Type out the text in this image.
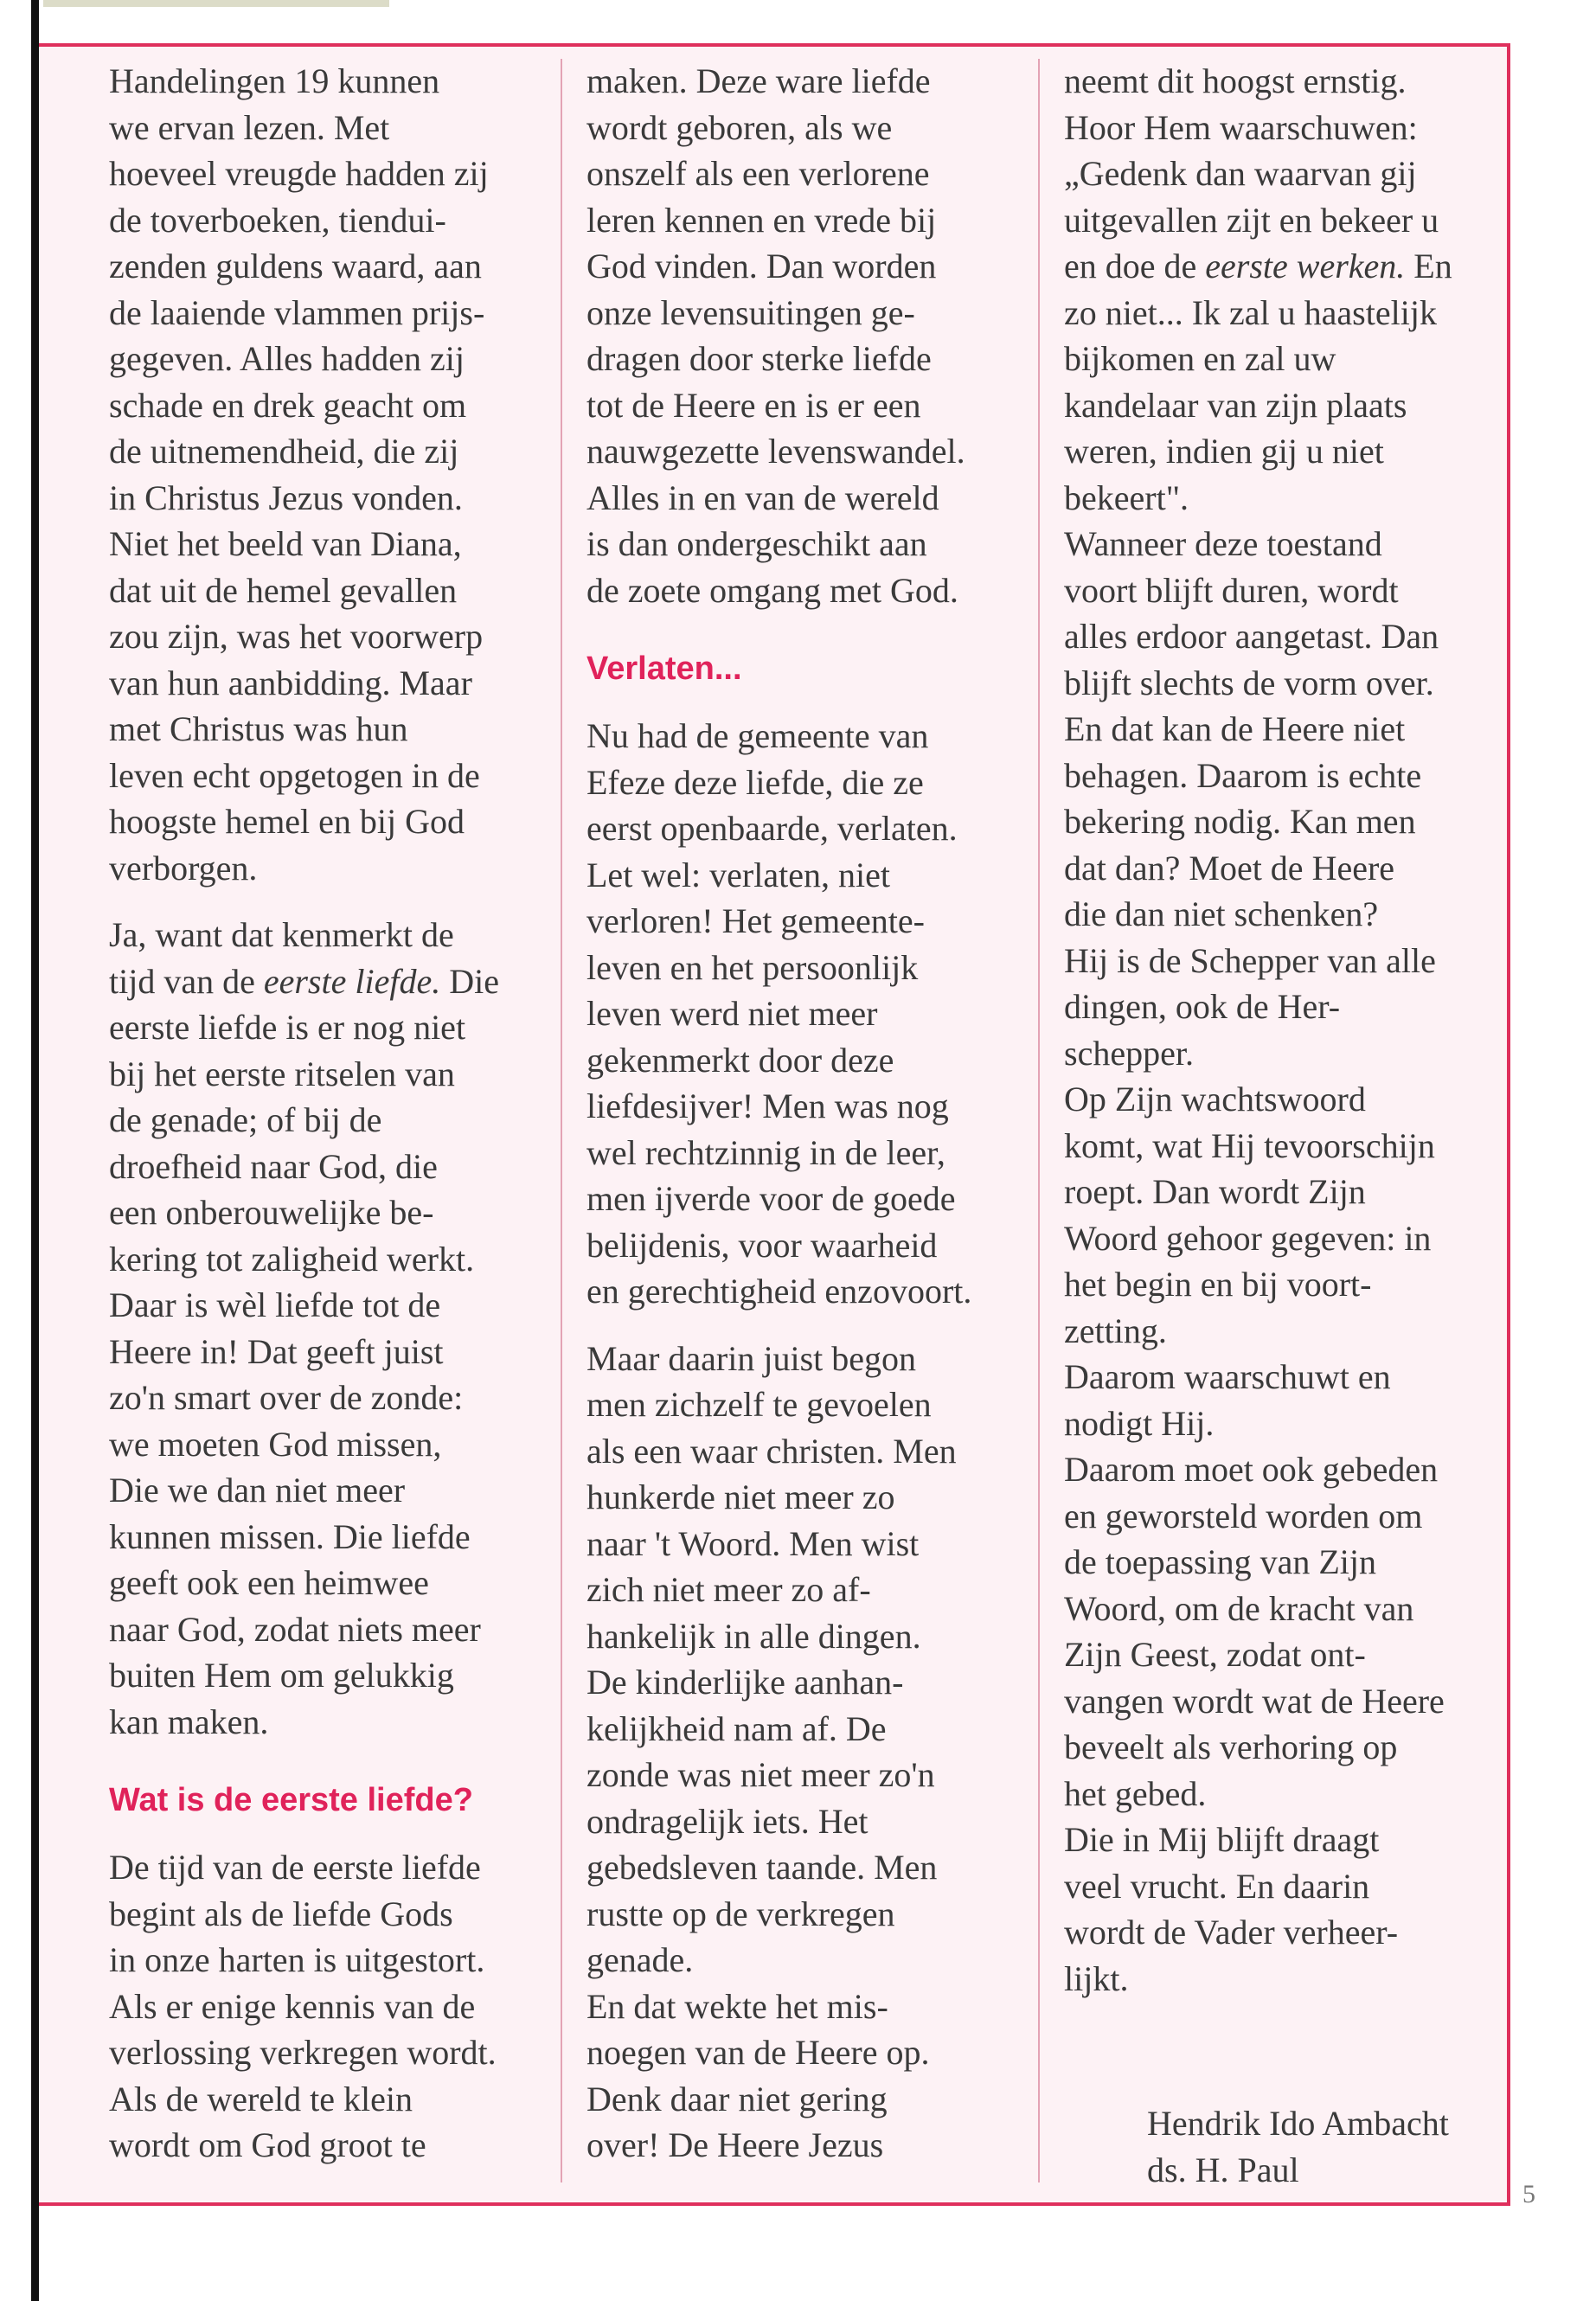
Handelingen 19 kunnen
we ervan lezen. Met
hoeveel vreugde hadden zij
de toverboeken, tiendui-
zenden guldens waard, aan
de laaiende vlammen prijs-
gegeven. Alles hadden zij
schade en drek geacht om
de uitnemendheid, die zij
in Christus Jezus vonden.
Niet het beeld van Diana,
dat uit de hemel gevallen
zou zijn, was het voorwerp
van hun aanbidding. Maar
met Christus was hun
leven echt opgetogen in de
hoogste hemel en bij God
verborgen.
Ja, want dat kenmerkt de
tijd van de eerste liefde. Die
eerste liefde is er nog niet
bij het eerste ritselen van
de genade; of bij de
droefheid naar God, die
een onberouwelijke be-
kering tot zaligheid werkt.
Daar is wèl liefde tot de
Heere in! Dat geeft juist
zo'n smart over de zonde:
we moeten God missen,
Die we dan niet meer
kunnen missen. Die liefde
geeft ook een heimwee
naar God, zodat niets meer
buiten Hem om gelukkig
kan maken.
Wat is de eerste liefde?
De tijd van de eerste liefde
begint als de liefde Gods
in onze harten is uitgestort.
Als er enige kennis van de
verlossing verkregen wordt.
Als de wereld te klein
wordt om God groot te
maken. Deze ware liefde
wordt geboren, als we
onszelf als een verlorene
leren kennen en vrede bij
God vinden. Dan worden
onze levensuitingen ge-
dragen door sterke liefde
tot de Heere en is er een
nauwgezette levenswandel.
Alles in en van de wereld
is dan ondergeschikt aan
de zoete omgang met God.
Verlaten...
Nu had de gemeente van
Efeze deze liefde, die ze
eerst openbaarde, verlaten.
Let wel: verlaten, niet
verloren! Het gemeente-
leven en het persoonlijk
leven werd niet meer
gekenmerkt door deze
liefdesijver! Men was nog
wel rechtzinnig in de leer,
men ijverde voor de goede
belijdenis, voor waarheid
en gerechtigheid enzovoort.
Maar daarin juist begon
men zichzelf te gevoelen
als een waar christen. Men
hunkerde niet meer zo
naar 't Woord. Men wist
zich niet meer zo af-
hankelijk in alle dingen.
De kinderlijke aanhan-
kelijkheid nam af. De
zonde was niet meer zo'n
ondragelijk iets. Het
gebedsleven taande. Men
rustte op de verkregen
genade.
En dat wekte het mis-
noegen van de Heere op.
Denk daar niet gering
over! De Heere Jezus
neemt dit hoogst ernstig.
Hoor Hem waarschuwen:
„Gedenk dan waarvan gij
uitgevallen zijt en bekeer u
en doe de eerste werken. En
zo niet... Ik zal u haastelijk
bijkomen en zal uw
kandelaar van zijn plaats
weren, indien gij u niet
bekeert".
Wanneer deze toestand
voort blijft duren, wordt
alles erdoor aangetast. Dan
blijft slechts de vorm over.
En dat kan de Heere niet
behagen. Daarom is echte
bekering nodig. Kan men
dat dan? Moet de Heere
die dan niet schenken?
Hij is de Schepper van alle
dingen, ook de Her-
schepper.
Op Zijn wachtswoord
komt, wat Hij tevoorschijn
roept. Dan wordt Zijn
Woord gehoor gegeven: in
het begin en bij voort-
zetting.
Daarom waarschuwt en
nodigt Hij.
Daarom moet ook gebeden
en geworsteld worden om
de toepassing van Zijn
Woord, om de kracht van
Zijn Geest, zodat ont-
vangen wordt wat de Heere
beveelt als verhoring op
het gebed.
Die in Mij blijft draagt
veel vrucht. En daarin
wordt de Vader verheer-
lijkt.
Hendrik Ido Ambacht
ds. H. Paul
5
